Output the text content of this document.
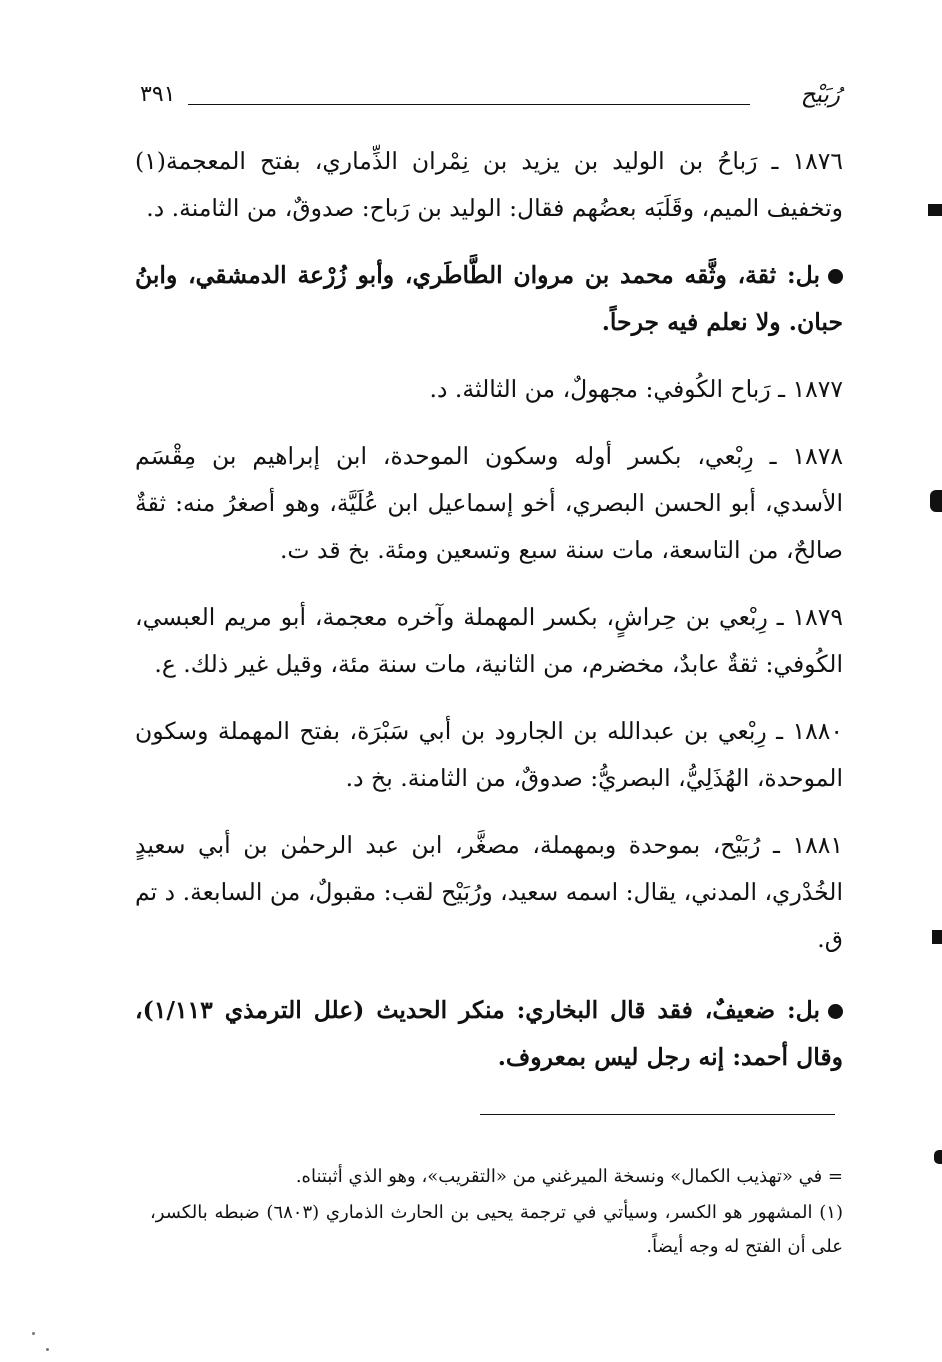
٣٩١	رُبَيْح

١٨٧٦ ـ رَباحُ بن الوليد بن يزيد بن نِمْران الذِّماري، بفتح المعجمة(١) وتخفيف الميم، وقَلَبَه بعضُهم فقال: الوليد بن رَباح: صدوقٌ، من الثامنة. د.

بل: ثقة، وثَّقه محمد بن مروان الطَّاطَري، وأبو زُرْعة الدمشقي، وابنُ حبان. ولا نعلم فيه جرحاً.

١٨٧٧ ـ رَباح الكُوفي: مجهولٌ، من الثالثة. د.

١٨٧٨ ـ رِبْعي، بكسر أوله وسكون الموحدة، ابن إبراهيم بن مِقْسَم الأسدي، أبو الحسن البصري، أخو إسماعيل ابن عُلَيَّة، وهو أصغرُ منه: ثقةٌ صالحٌ، من التاسعة، مات سنة سبع وتسعين ومئة. بخ قد ت.

١٨٧٩ ـ رِبْعي بن حِراشٍ، بكسر المهملة وآخره معجمة، أبو مريم العبسي، الكُوفي: ثقةٌ عابدٌ، مخضرم، من الثانية، مات سنة مئة، وقيل غير ذلك. ع.

١٨٨٠ ـ رِبْعي بن عبدالله بن الجارود بن أبي سَبْرَة، بفتح المهملة وسكون الموحدة، الهُذَلِيُّ، البصريُّ: صدوقٌ، من الثامنة. بخ د.

١٨٨١ ـ رُبَيْح، بموحدة وبمهملة، مصغَّر، ابن عبد الرحمٰن بن أبي سعيدٍ الخُدْري، المدني، يقال: اسمه سعيد، ورُبَيْح لقب: مقبولٌ، من السابعة. د تم ق.

بل: ضعيفٌ، فقد قال البخاري: منكر الحديث (علل الترمذي ١/١١٣)، وقال أحمد: إنه رجل ليس بمعروف.

= في «تهذيب الكمال» ونسخة الميرغني من «التقريب»، وهو الذي أثبتناه.

(١) المشهور هو الكسر، وسيأتي في ترجمة يحيى بن الحارث الذماري (٦٨٠٣) ضبطه بالكسر، على أن الفتح له وجه أيضاً.
